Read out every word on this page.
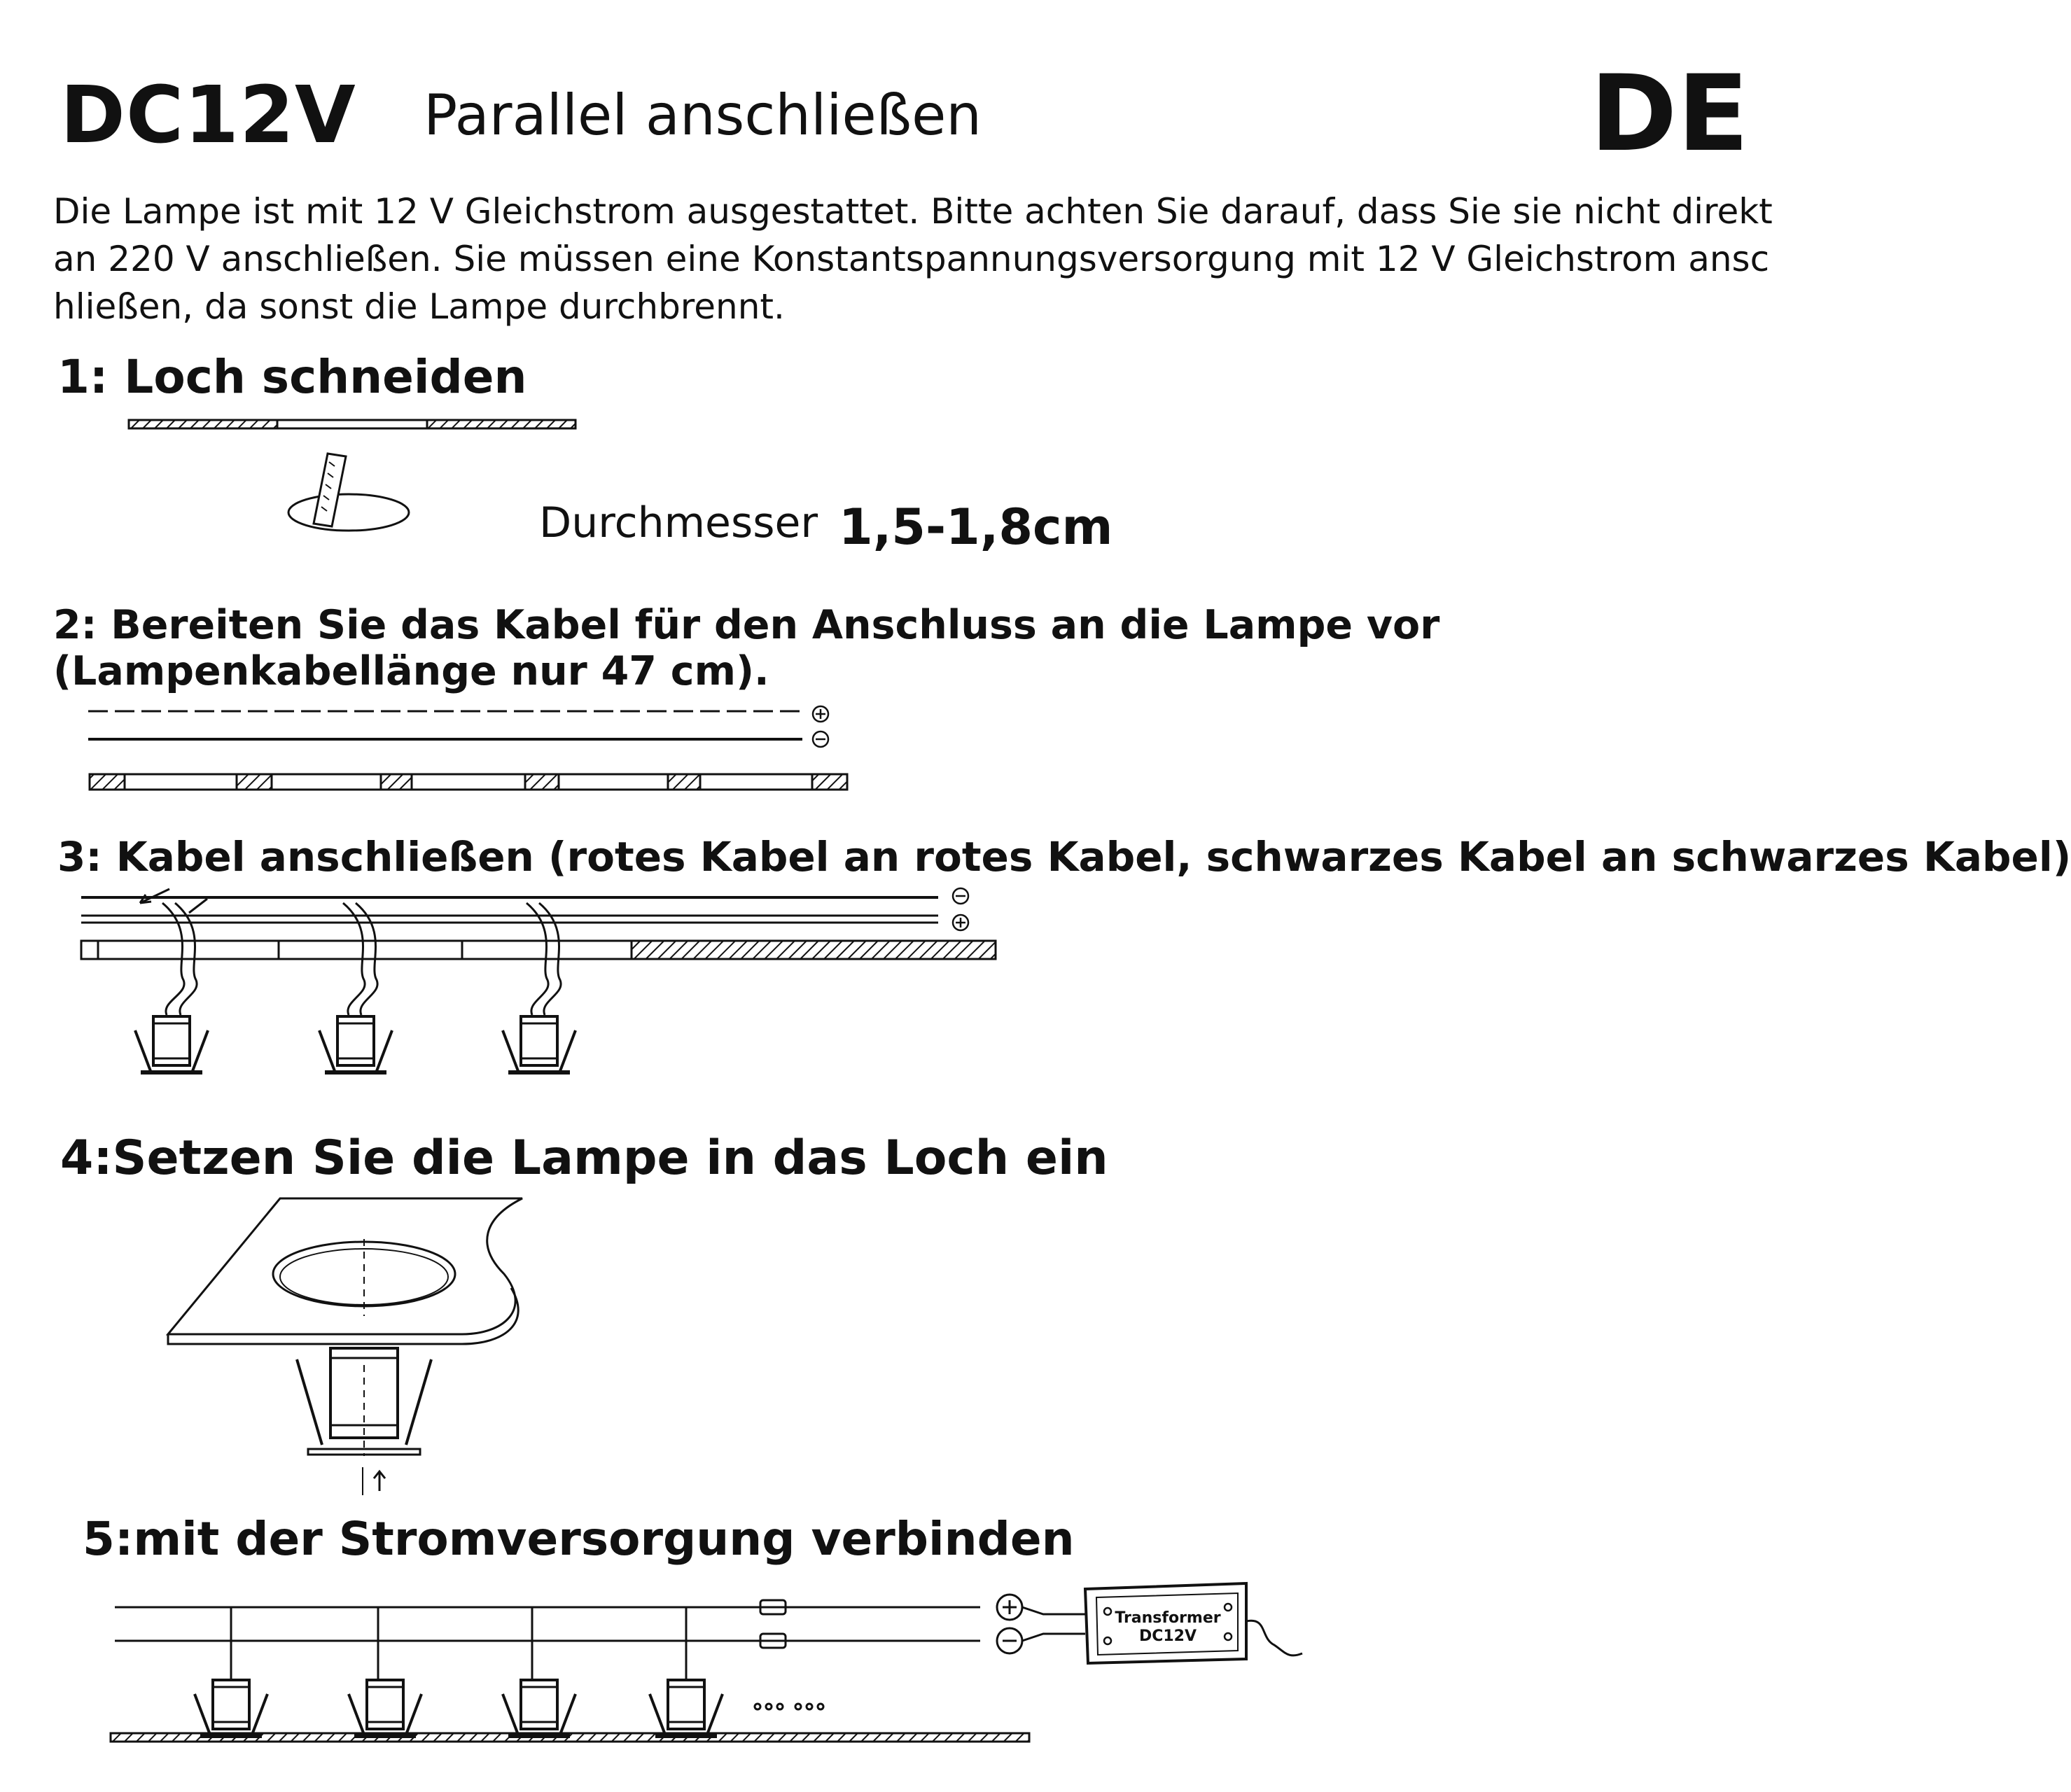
DC12V Parallel anschließen	DE
Die Lampe ist mit 12 V Gleichstrom ausgestattet. Bitte achten Sie darauf, dass Sie sie nicht direkt
an 220 V anschließen. Sie müssen eine Konstantspannungsversorgung mit 12 V Gleichstrom ansc
hließen, da sonst die Lampe durchbrennt.
1: Loch schneiden
Durchmesser 1,5-1,8cm
2: Bereiten Sie das Kabel für den Anschluss an die Lampe vor
(Lampenkabellänge nur 47 cm).
3: Kabel anschließen (rotes Kabel an rotes Kabel, schwarzes Kabel an schwarzes Kabel)
4:Setzen Sie die Lampe in das Loch ein
5:mit der Stromversorgung verbinden
Transformer
DC12V
